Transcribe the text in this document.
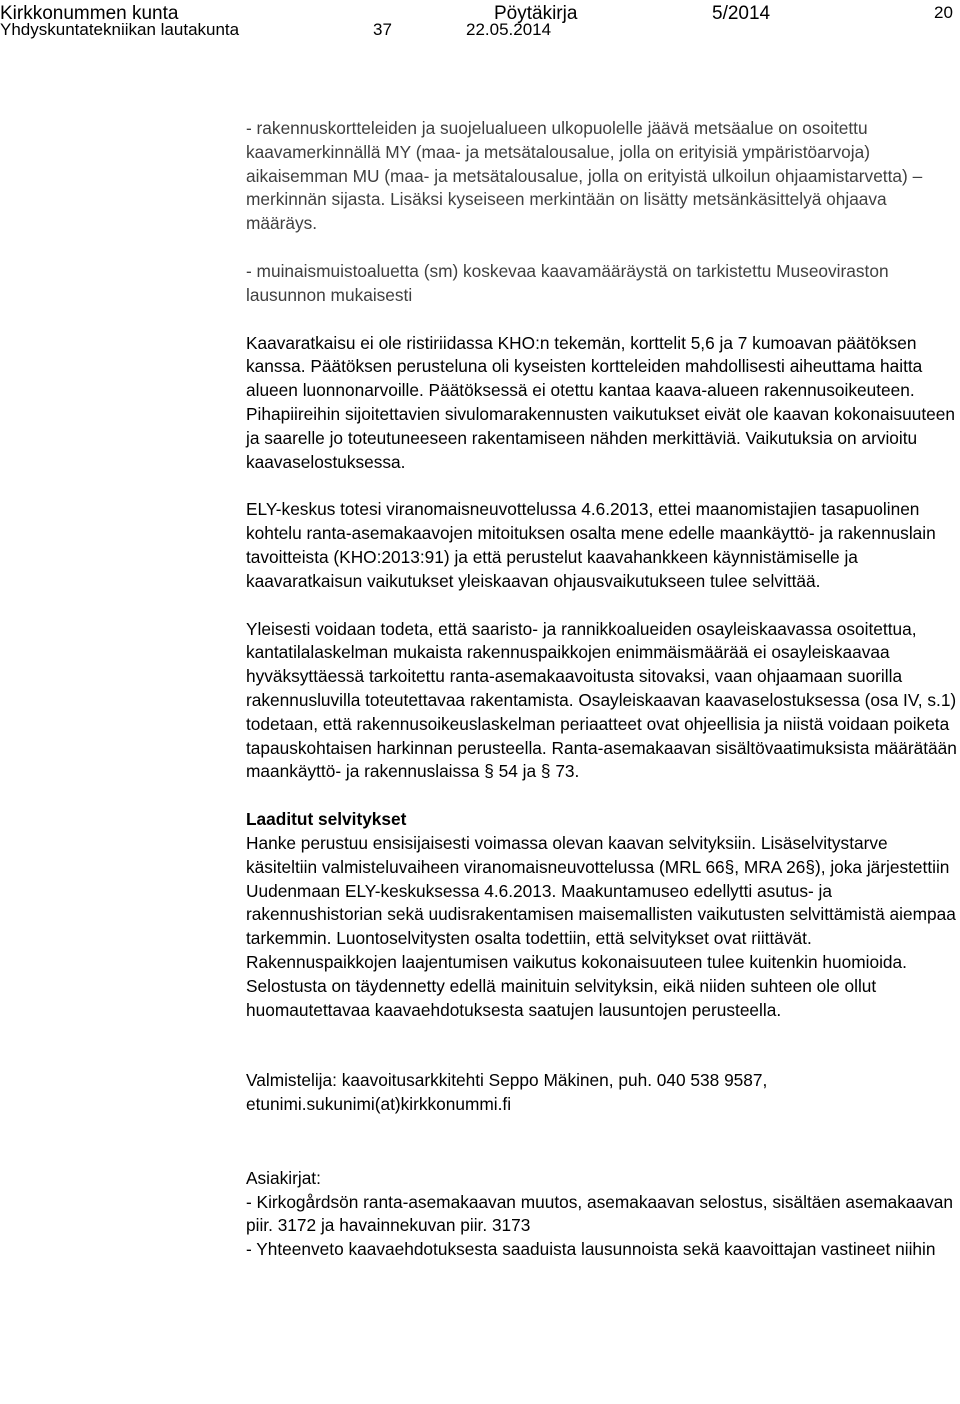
Kirkkonummen kunta	Pöytäkirja	5/2014	20
Yhdyskuntatekniikan lautakunta	37	22.05.2014

- rakennuskortteleiden ja suojelualueen ulkopuolelle jäävä metsäalue on osoitettu kaavamerkinnällä MY (maa- ja metsätalousalue, jolla on erityisiä ympäristöarvoja) aikaisemman MU (maa- ja metsätalousalue, jolla on erityistä ulkoilun ohjaamistarvetta) –merkinnän sijasta. Lisäksi kyseiseen merkintään on lisätty metsänkäsittelyä ohjaava määräys.

- muinaismuistoaluetta (sm) koskevaa kaavamääräystä on tarkistettu Museoviraston lausunnon mukaisesti

Kaavaratkaisu ei ole ristiriidassa KHO:n tekemän, korttelit 5,6 ja 7 kumoavan päätöksen kanssa. Päätöksen perusteluna oli kyseisten kortteleiden mahdollisesti aiheuttama haitta alueen luonnonarvoille. Päätöksessä ei otettu kantaa kaava-alueen rakennusoikeuteen. Pihapiireihin sijoitettavien sivulomarakennusten vaikutukset eivät ole kaavan kokonaisuuteen ja saarelle jo toteutuneeseen rakentamiseen nähden merkittäviä. Vaikutuksia on arvioitu kaavaselostuksessa.

ELY-keskus totesi viranomaisneuvottelussa 4.6.2013, ettei maanomistajien tasapuolinen kohtelu ranta-asemakaavojen mitoituksen osalta mene edelle maankäyttö- ja rakennuslain tavoitteista (KHO:2013:91) ja että perustelut kaavahankkeen käynnistämiselle ja kaavaratkaisun vaikutukset yleiskaavan ohjausvaikutukseen tulee selvittää.

Yleisesti voidaan todeta, että saaristo- ja rannikkoalueiden osayleiskaavassa osoitettua, kantatilalaskelman mukaista rakennuspaikkojen enimmäismäärää ei osayleiskaavaa hyväksyttäessä tarkoitettu ranta-asemakaavoitusta sitovaksi, vaan ohjaamaan suorilla rakennusluvilla toteutettavaa rakentamista. Osayleiskaavan kaavaselostuksessa (osa IV, s.1) todetaan, että rakennusoikeuslaskelman periaatteet ovat ohjeellisia ja niistä voidaan poiketa tapauskohtaisen harkinnan perusteella. Ranta-asemakaavan sisältövaatimuksista määrätään maankäyttö- ja rakennuslaissa § 54 ja § 73.

Laaditut selvitykset

Hanke perustuu ensisijaisesti voimassa olevan kaavan selvityksiin. Lisäselvitystarve käsiteltiin valmisteluvaiheen viranomaisneuvottelussa (MRL 66§, MRA 26§), joka järjestettiin Uudenmaan ELY-keskuksessa 4.6.2013. Maakuntamuseo edellytti asutus- ja rakennushistorian sekä uudisrakentamisen maisemallisten vaikutusten selvittämistä aiempaa tarkemmin. Luontoselvitysten osalta todettiin, että selvitykset ovat riittävät. Rakennuspaikkojen laajentumisen vaikutus kokonaisuuteen tulee kuitenkin huomioida. Selostusta on täydennetty edellä mainituin selvityksin, eikä niiden suhteen ole ollut huomautettavaa kaavaehdotuksesta saatujen lausuntojen perusteella.

Valmistelija: kaavoitusarkkitehti Seppo Mäkinen, puh. 040 538 9587, etunimi.sukunimi(at)kirkkonummi.fi

Asiakirjat:

- Kirkogårdsön ranta-asemakaavan muutos, asemakaavan selostus, sisältäen asemakaavan piir. 3172 ja havainnekuvan piir. 3173

- Yhteenveto kaavaehdotuksesta saaduista lausunnoista sekä kaavoittajan vastineet niihin
